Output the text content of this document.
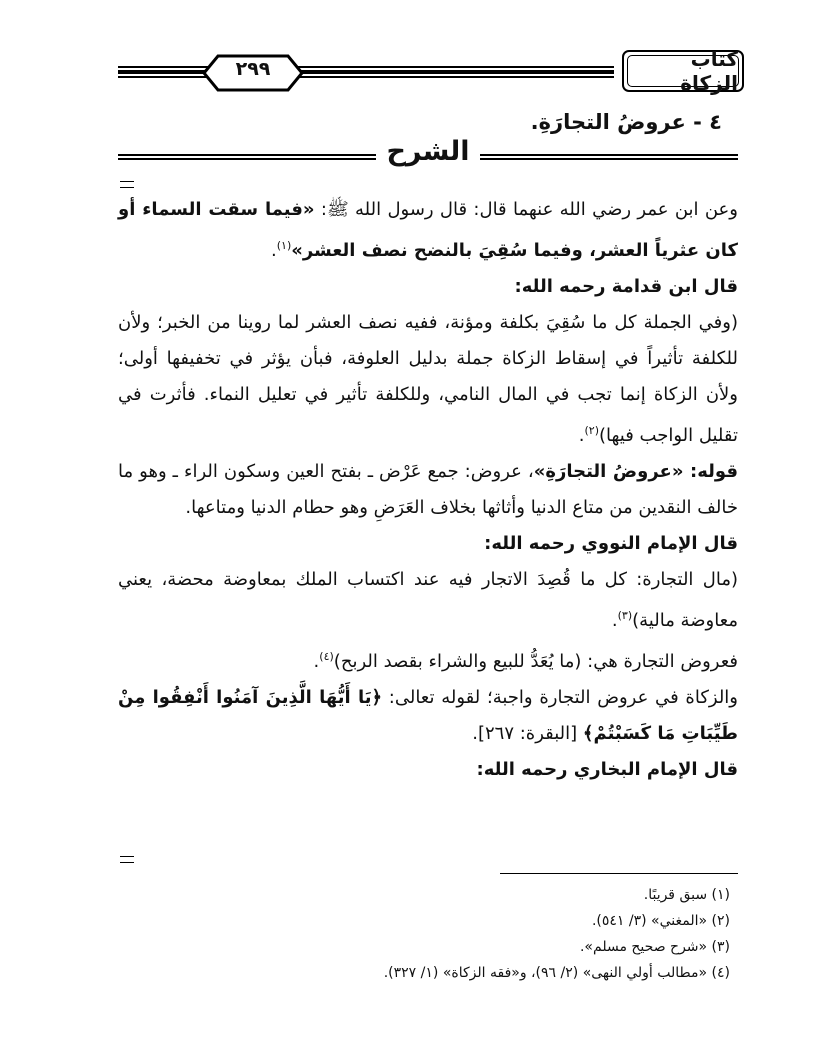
٢٩٩	كتاب الزكاة
٤ - عروضُ التجارَةِ.
الشرح

وعن ابن عمر رضي الله عنهما قال: قال رسول الله ﷺ: «فيما سقت السماء أو كان عثرياً العشر، وفيما سُقِيَ بالنضح نصف العشر»$^{(١)}$.

قال ابن قدامة رحمه الله:

(وفي الجملة كل ما سُقِيَ بكلفة ومؤنة، ففيه نصف العشر لما روينا من الخبر؛ ولأن للكلفة تأثيراً في إسقاط الزكاة جملة بدليل العلوفة، فبأن يؤثر في تخفيفها أولى؛ ولأن الزكاة إنما تجب في المال النامي، وللكلفة تأثير في تعليل النماء. فأثرت في تقليل الواجب فيها)$^{(٢)}$.

قوله: «عروضُ التجارَةِ»، عروض: جمع عَرْض ـ بفتح العين وسكون الراء ـ وهو ما خالف النقدين من متاع الدنيا وأثاثها بخلاف العَرَضِ وهو حطام الدنيا ومتاعها.

قال الإمام النووي رحمه الله:

(مال التجارة: كل ما قُصِدَ الاتجار فيه عند اكتساب الملك بمعاوضة محضة، يعني معاوضة مالية)$^{(٣)}$.

فعروض التجارة هي: (ما يُعَدُّ للبيع والشراء بقصد الربح)$^{(٤)}$.

والزكاة في عروض التجارة واجبة؛ لقوله تعالى: ﴿يَا أَيُّهَا الَّذِينَ آمَنُوا أَنْفِقُوا مِنْ طَيِّبَاتِ مَا كَسَبْتُمْ﴾ [البقرة: ٢٦٧].

قال الإمام البخاري رحمه الله:

(١) سبق قريبًا.
(٢) «المغني» (٣/ ٥٤١).
(٣) «شرح صحيح مسلم».
(٤) «مطالب أولي النهى» (٢/ ٩٦)، و«فقه الزكاة» (١/ ٣٢٧).
